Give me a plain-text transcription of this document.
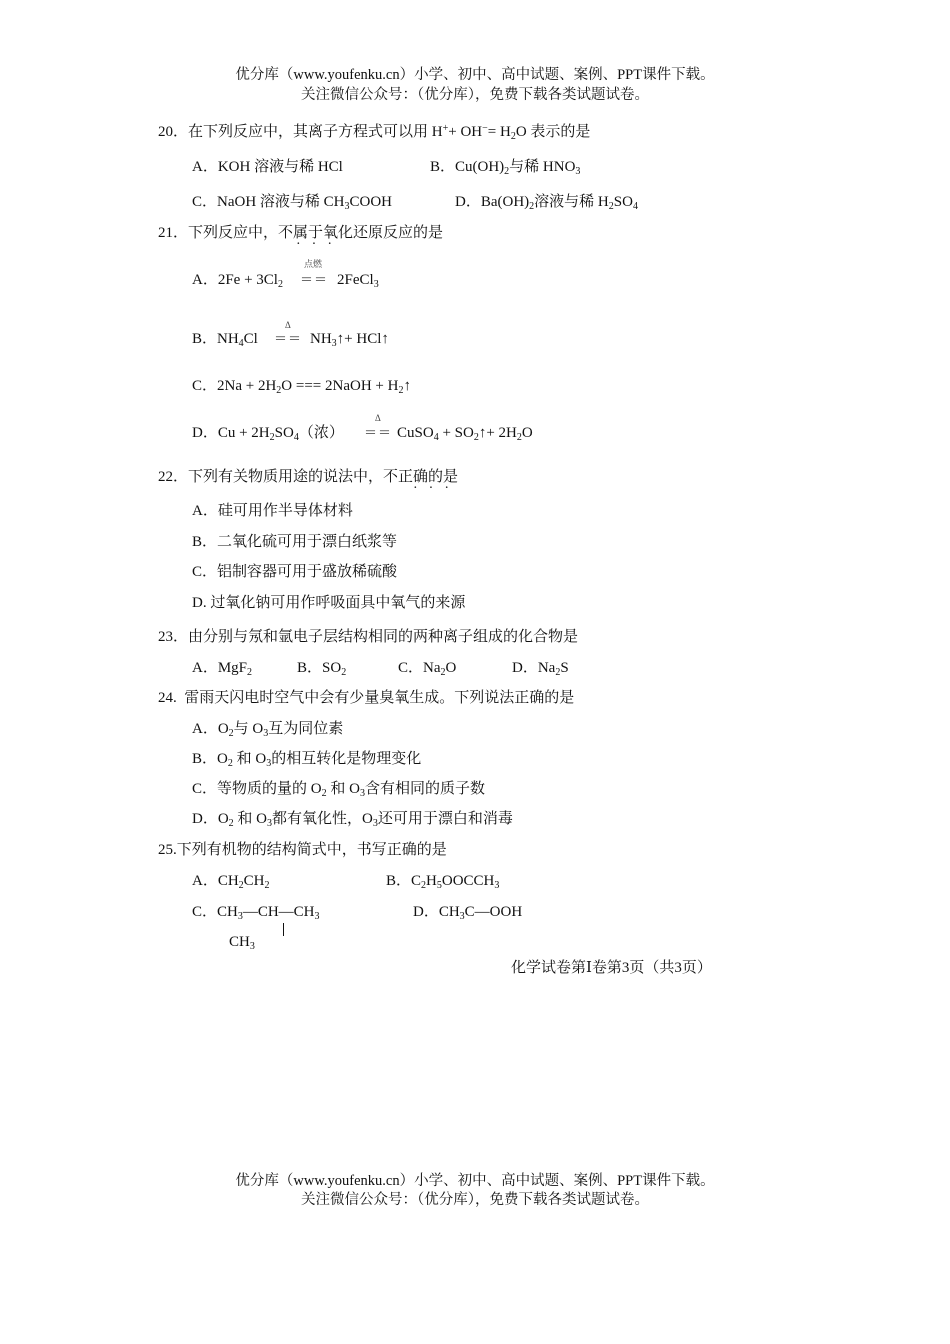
优分库（www.youfenku.cn）小学、初中、高中试题、案例、PPT课件下载。
关注微信公众号：（优分库），免费下载各类试题试卷。
20．在下列反应中，其离子方程式可以用 $H^++ OH^-= H_2O$ 表示的是
A．KOH 溶液与稀 HCl	B．$Cu(OH)_2$与稀 $HNO_3$
C．NaOH 溶液与稀 $CH_3COOH$	D．$Ba(OH)_2$溶液与稀 $H_2SO_4$
21．下列反应中，不属于氧化还原反应的是
···
A．$2Fe + 3Cl_2$
点燃
＝＝ 2FeCl$_3$
B．$NH_4Cl$
Δ
＝＝ $NH_3↑+$ HCl↑
C．$2Na + 2H_2O$ === 2NaOH + $H_2↑$
D．$Cu + 2H_2SO_4$（浓）
Δ
＝＝ CuSO$_4$ + $SO_2↑+ 2H_2O$
22．下列有关物质用途的说法中，不正确的是
···
A．硅可用作半导体材料
B．二氧化硫可用于漂白纸浆等
C．铝制容器可用于盛放稀硫酸
D. 过氧化钠可用作呼吸面具中氧气的来源
23．由分别与氖和氩电子层结构相同的两种离子组成的化合物是
A．MgF$_2$	B．$SO_2$	C．$Na_2O$	D．$Na_2S$
24. 雷雨天闪电时空气中会有少量臭氧生成。下列说法正确的是
A．$O_2$与 $O_3$互为同位素
B．$O_2$ 和 $O_3$的相互转化是物理变化
C．等物质的量的 $O_2$ 和 $O_3$含有相同的质子数
D．$O_2$ 和 $O_3$都有氧化性，$O_3$还可用于漂白和消毒
25.下列有机物的结构简式中，书写正确的是
A．$CH_2CH_2$	B．$C_2H_5OOCCH_3$
C．$CH_3—CH—CH_3$
$CH_3$
D．$CH_3C—OOH$
化学试卷第Ⅰ卷第3页（共3页）
优分库（www.youfenku.cn）小学、初中、高中试题、案例、PPT课件下载。
关注微信公众号：（优分库），免费下载各类试题试卷。
